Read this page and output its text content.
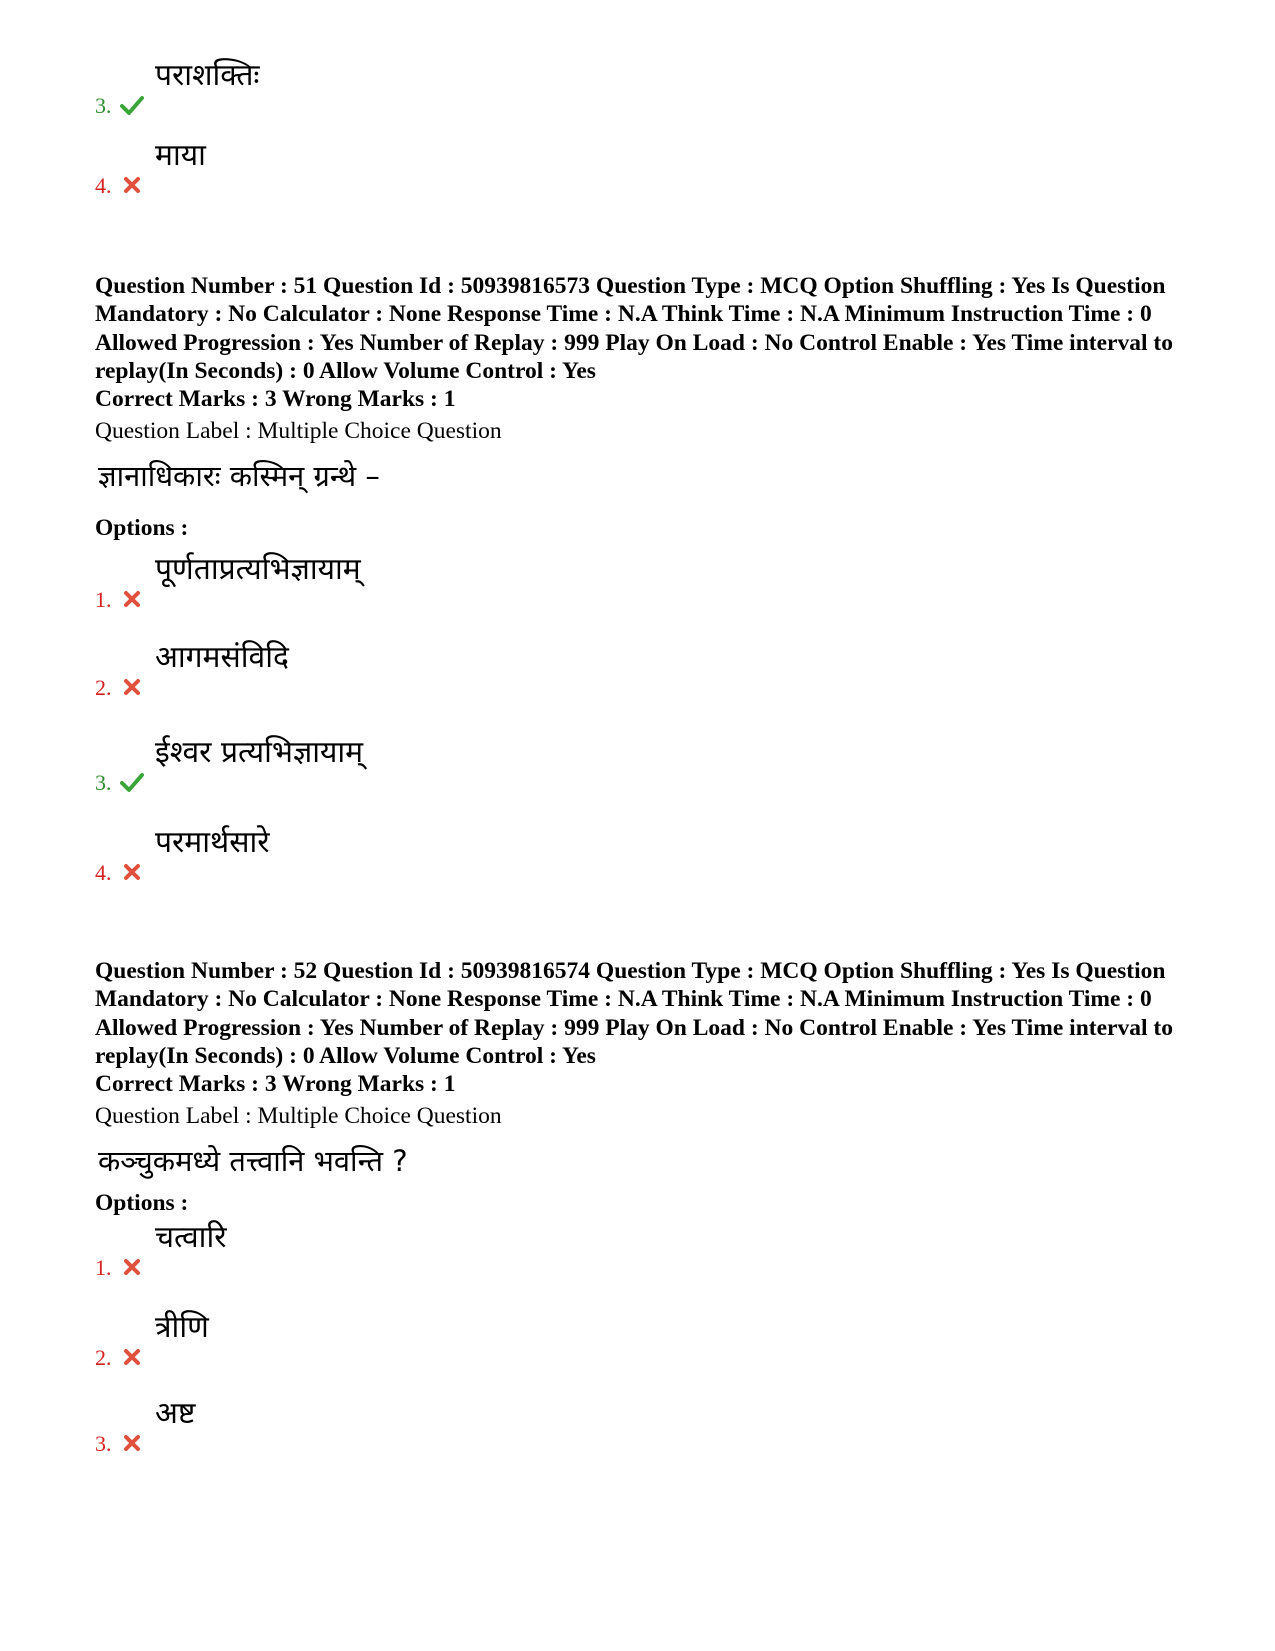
3.
पराशक्तिः
4.
माया
Question Number : 51 Question Id : 50939816573 Question Type : MCQ Option Shuffling : Yes Is Question Mandatory : No Calculator : None Response Time : N.A Think Time : N.A Minimum Instruction Time : 0 Allowed Progression : Yes Number of Replay : 999 Play On Load : No Control Enable : Yes Time interval to replay(In Seconds) : 0 Allow Volume Control : Yes
Correct Marks : 3 Wrong Marks : 1
Question Label : Multiple Choice Question
ज्ञानाधिकारः कस्मिन् ग्रन्थे –
Options :
1.
पूर्णताप्रत्यभिज्ञायाम्
2.
आगमसंविदि
3.
ईश्वर प्रत्यभिज्ञायाम्
4.
परमार्थसारे
Question Number : 52 Question Id : 50939816574 Question Type : MCQ Option Shuffling : Yes Is Question Mandatory : No Calculator : None Response Time : N.A Think Time : N.A Minimum Instruction Time : 0 Allowed Progression : Yes Number of Replay : 999 Play On Load : No Control Enable : Yes Time interval to replay(In Seconds) : 0 Allow Volume Control : Yes
Correct Marks : 3 Wrong Marks : 1
Question Label : Multiple Choice Question
कञ्चुकमध्ये तत्त्वानि भवन्ति ?
Options :
1.
चत्वारि
2.
त्रीणि
3.
अष्ट
